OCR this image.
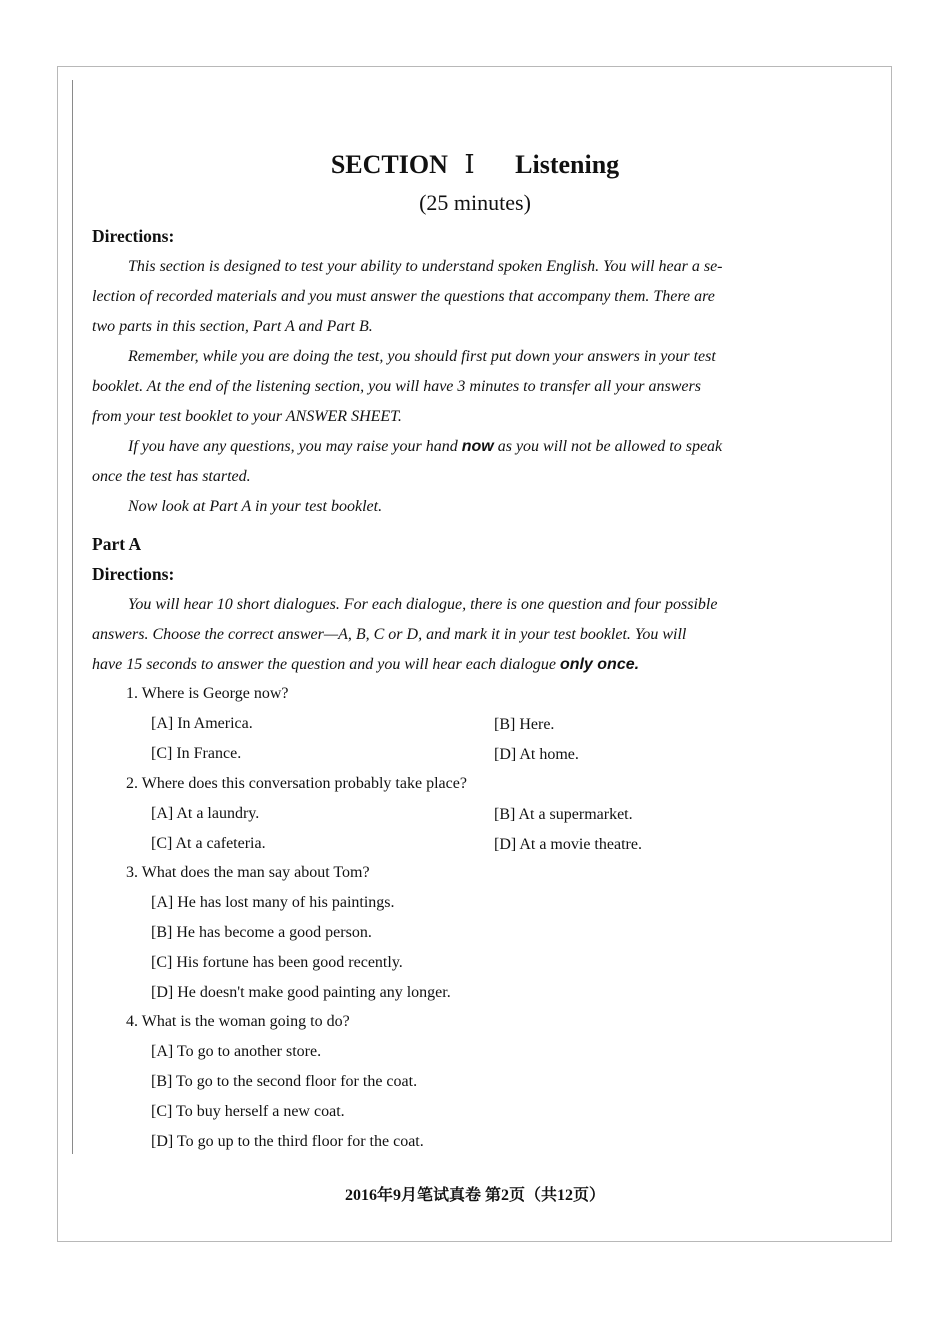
SECTION Ⅰ Listening
(25 minutes)
Directions:
This section is designed to test your ability to understand spoken English. You will hear a se-
lection of recorded materials and you must answer the questions that accompany them. There are
two parts in this section, Part A and Part B.
Remember, while you are doing the test, you should first put down your answers in your test
booklet. At the end of the listening section, you will have 3 minutes to transfer all your answers
from your test booklet to your ANSWER SHEET.
If you have any questions, you may raise your hand now as you will not be allowed to speak
once the test has started.
Now look at Part A in your test booklet.
Part A
Directions:
You will hear 10 short dialogues. For each dialogue, there is one question and four possible
answers. Choose the correct answer—A, B, C or D, and mark it in your test booklet. You will
have 15 seconds to answer the question and you will hear each dialogue only once.
1. Where is George now?
[A] In America.	[B] Here.
[C] In France.	[D] At home.
2. Where does this conversation probably take place?
[A] At a laundry.	[B] At a supermarket.
[C] At a cafeteria.	[D] At a movie theatre.
3. What does the man say about Tom?
[A] He has lost many of his paintings.
[B] He has become a good person.
[C] His fortune has been good recently.
[D] He doesn't make good painting any longer.
4. What is the woman going to do?
[A] To go to another store.
[B] To go to the second floor for the coat.
[C] To buy herself a new coat.
[D] To go up to the third floor for the coat.
2016年9月笔试真卷 第2页（共12页）
